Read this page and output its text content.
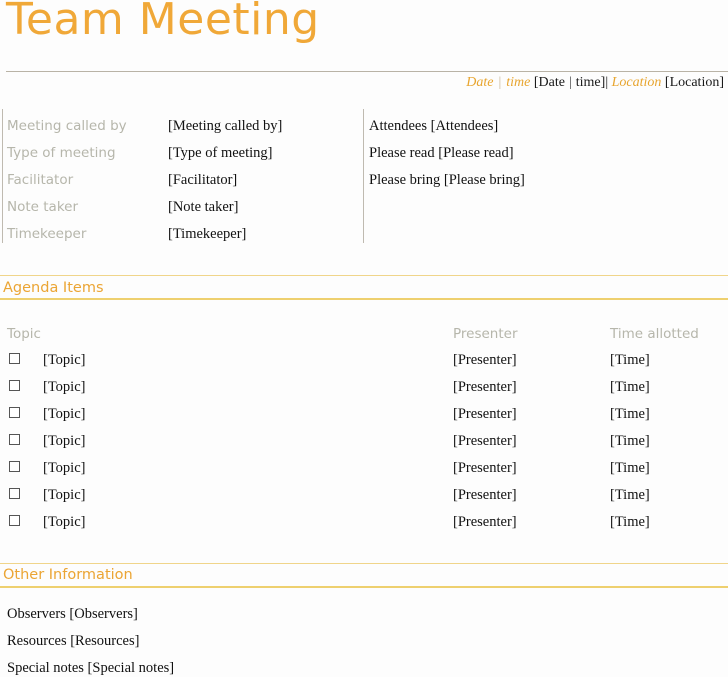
Team Meeting
Date | time [Date | time]| Location [Location]
Meeting called by	[Meeting called by]
Type of meeting	[Type of meeting]
Facilitator	[Facilitator]
Note taker	[Note taker]
Timekeeper	[Timekeeper]
Attendees [Attendees]
Please read [Please read]
Please bring [Please bring]
Agenda Items
Topic	Presenter	Time allotted
[Topic]	[Presenter]	[Time]
[Topic]	[Presenter]	[Time]
[Topic]	[Presenter]	[Time]
[Topic]	[Presenter]	[Time]
[Topic]	[Presenter]	[Time]
[Topic]	[Presenter]	[Time]
[Topic]	[Presenter]	[Time]
Other Information
Observers [Observers]
Resources [Resources]
Special notes [Special notes]
